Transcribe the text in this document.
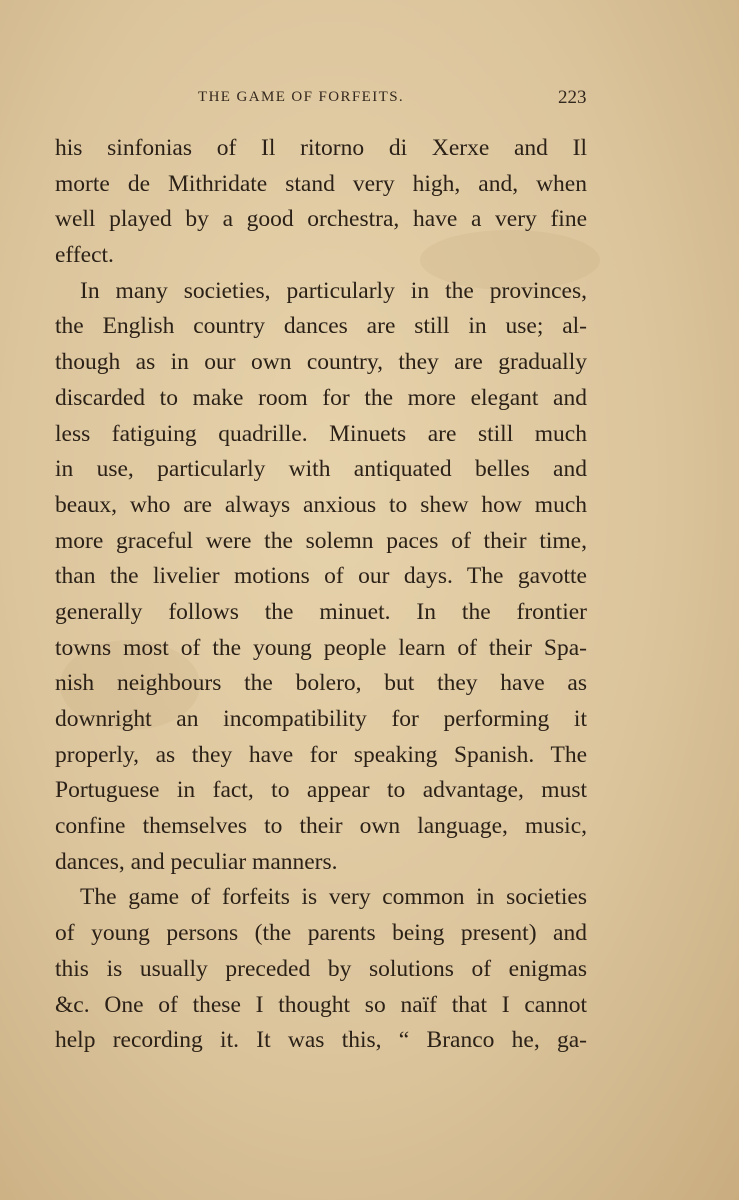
THE GAME OF FORFEITS.	223
his sinfonias of Il ritorno di Xerxe and Il
morte de Mithridate stand very high, and, when
well played by a good orchestra, have a very fine
effect.
In many societies, particularly in the provinces,
the English country dances are still in use; al-
though as in our own country, they are gradually
discarded to make room for the more elegant and
less fatiguing quadrille. Minuets are still much
in use, particularly with antiquated belles and
beaux, who are always anxious to shew how much
more graceful were the solemn paces of their time,
than the livelier motions of our days. The gavotte
generally follows the minuet. In the frontier
towns most of the young people learn of their Spa-
nish neighbours the bolero, but they have as
downright an incompatibility for performing it
properly, as they have for speaking Spanish. The
Portuguese in fact, to appear to advantage, must
confine themselves to their own language, music,
dances, and peculiar manners.
The game of forfeits is very common in societies
of young persons (the parents being present) and
this is usually preceded by solutions of enigmas
&c. One of these I thought so naïf that I cannot
help recording it. It was this, “ Branco he, ga-
